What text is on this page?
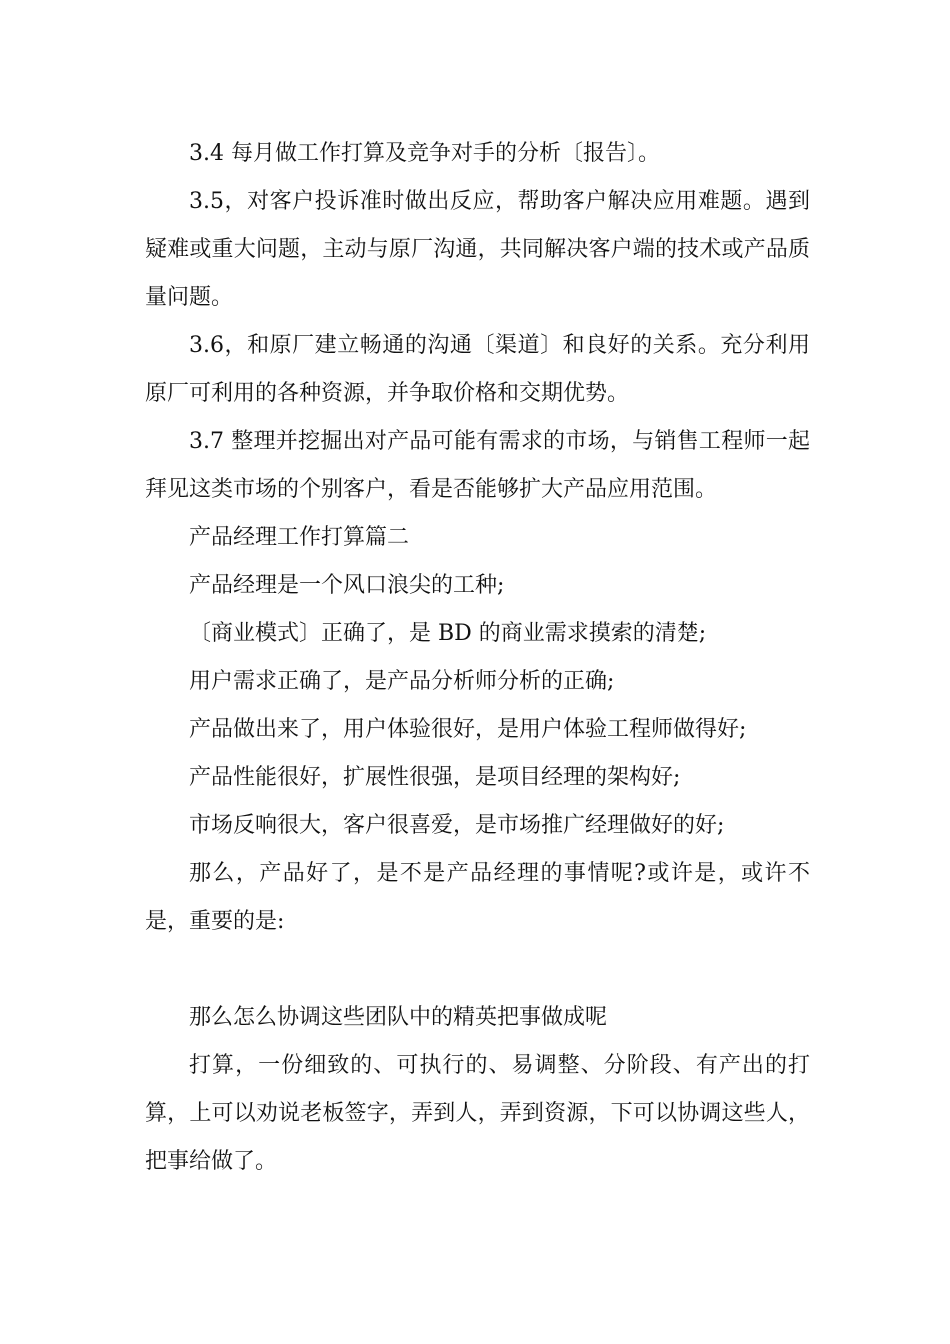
3.4 每月做工作打算及竞争对手的分析〔报告〕。

3.5，对客户投诉准时做出反应，帮助客户解决应用难题。遇到疑难或重大问题，主动与原厂沟通，共同解决客户端的技术或产品质量问题。

3.6，和原厂建立畅通的沟通〔渠道〕和良好的关系。充分利用原厂可利用的各种资源，并争取价格和交期优势。

3.7 整理并挖掘出对产品可能有需求的市场，与销售工程师一起拜见这类市场的个别客户，看是否能够扩大产品应用范围。

产品经理工作打算篇二

产品经理是一个风口浪尖的工种;

〔商业模式〕正确了，是 BD 的商业需求摸索的清楚;

用户需求正确了，是产品分析师分析的正确;

产品做出来了，用户体验很好，是用户体验工程师做得好;

产品性能很好，扩展性很强，是项目经理的架构好;

市场反响很大，客户很喜爱，是市场推广经理做好的好;

那么，产品好了，是不是产品经理的事情呢?或许是，或许不是，重要的是:

那么怎么协调这些团队中的精英把事做成呢

打算，一份细致的、可执行的、易调整、分阶段、有产出的打算，上可以劝说老板签字，弄到人，弄到资源，下可以协调这些人，把事给做了。
